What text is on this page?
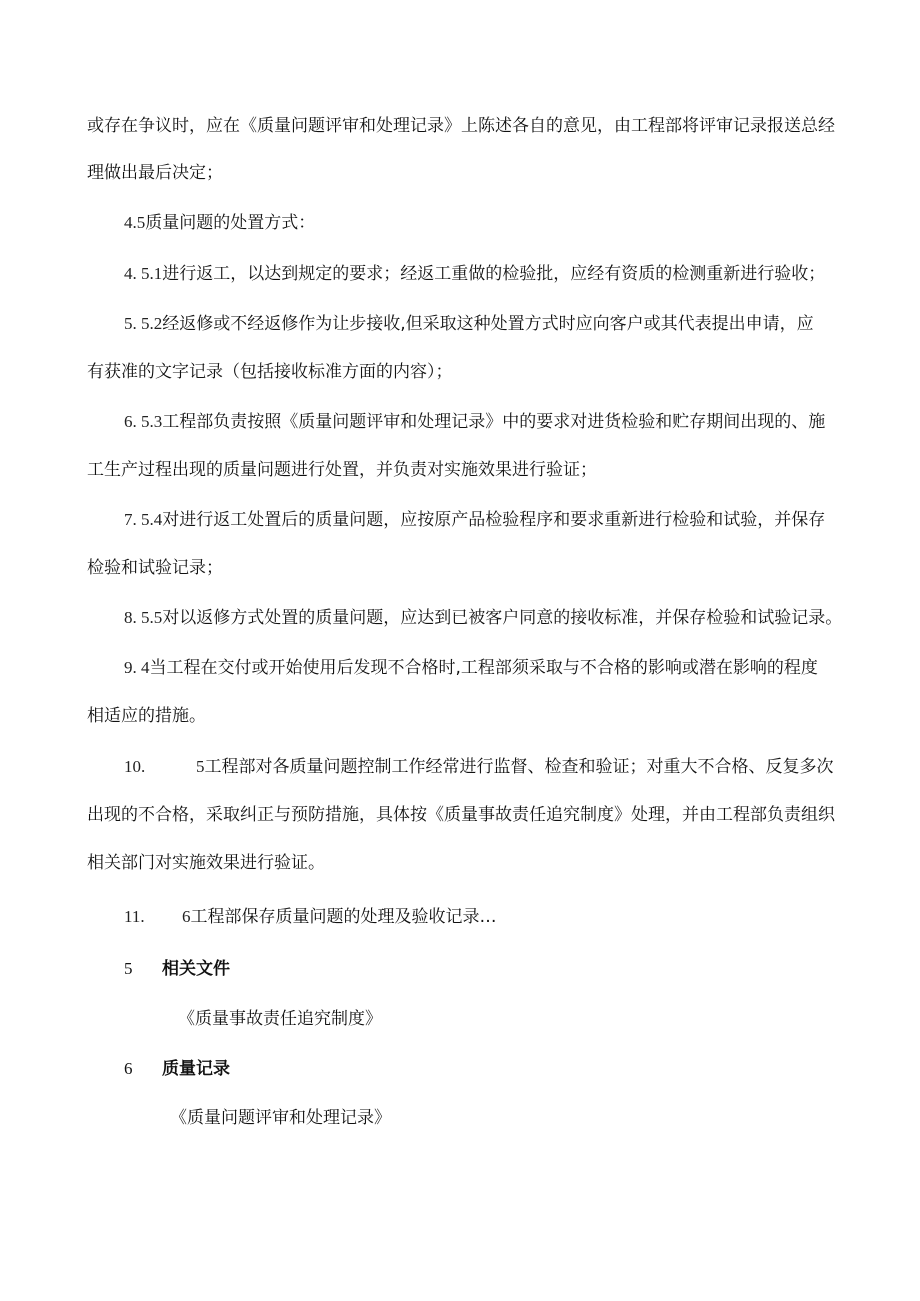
或存在争议时，应在《质量问题评审和处理记录》上陈述各自的意见，由工程部将评审记录报送总经
理做出最后决定；
4.5质量问题的处置方式：
4. 5.1进行返工，以达到规定的要求；经返工重做的检验批，应经有资质的检测重新进行验收；
5. 5.2经返修或不经返修作为让步接收,但采取这种处置方式时应向客户或其代表提出申请，应
有获准的文字记录（包括接收标准方面的内容）；
6. 5.3工程部负责按照《质量问题评审和处理记录》中的要求对进货检验和贮存期间出现的、施
工生产过程出现的质量问题进行处置，并负责对实施效果进行验证；
7. 5.4对进行返工处置后的质量问题，应按原产品检验程序和要求重新进行检验和试验，并保存
检验和试验记录；
8. 5.5对以返修方式处置的质量问题，应达到已被客户同意的接收标准，并保存检验和试验记录。
9. 4当工程在交付或开始使用后发现不合格时,工程部须采取与不合格的影响或潜在影响的程度
相适应的措施。
10.	5工程部对各质量问题控制工作经常进行监督、检查和验证；对重大不合格、反复多次
出现的不合格，采取纠正与预防措施，具体按《质量事故责任追究制度》处理，并由工程部负责组织
相关部门对实施效果进行验证。
11. 6工程部保存质量问题的处理及验收记录…
5 相关文件
《质量事故责任追究制度》
6 质量记录
《质量问题评审和处理记录》
